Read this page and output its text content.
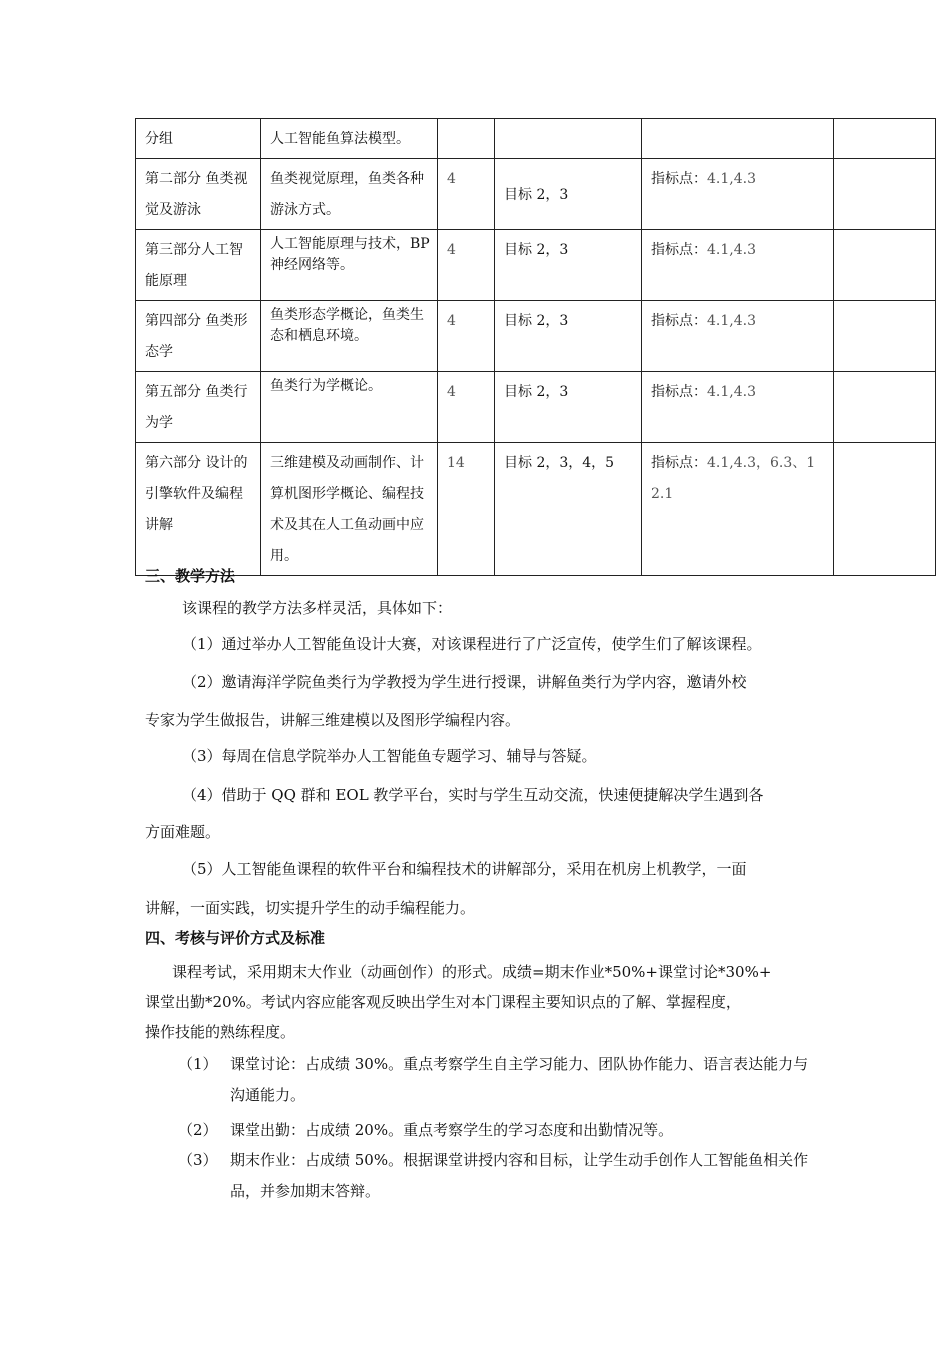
分组	人工智能鱼算法模型。				
第二部分 鱼类视觉及游泳	鱼类视觉原理，鱼类各种游泳方式。	4	目标 2，3	指标点：4.1,4.3	
第三部分人工智能原理	人工智能原理与技术，BP 神经网络等。	4	目标 2，3	指标点：4.1,4.3	
第四部分 鱼类形态学	鱼类形态学概论，鱼类生态和栖息环境。	4	目标 2，3	指标点：4.1,4.3	
第五部分 鱼类行为学	鱼类行为学概论。	4	目标 2，3	指标点：4.1,4.3	
第六部分 设计的引擎软件及编程讲解	三维建模及动画制作、计算机图形学概论、编程技术及其在人工鱼动画中应用。	14	目标 2，3，4，5	指标点：4.1,4.3，6.3、12.1	
三、教学方法
该课程的教学方法多样灵活，具体如下：
（1）通过举办人工智能鱼设计大赛，对该课程进行了广泛宣传，使学生们了解该课程。
（2）邀请海洋学院鱼类行为学教授为学生进行授课，讲解鱼类行为学内容，邀请外校
专家为学生做报告，讲解三维建模以及图形学编程内容。
（3）每周在信息学院举办人工智能鱼专题学习、辅导与答疑。
（4）借助于 QQ 群和 EOL 教学平台，实时与学生互动交流，快速便捷解决学生遇到各
方面难题。
（5）人工智能鱼课程的软件平台和编程技术的讲解部分，采用在机房上机教学，一面
讲解，一面实践，切实提升学生的动手编程能力。
四、考核与评价方式及标准
课程考试，采用期末大作业（动画创作）的形式。成绩=期末作业*50%+课堂讨论*30%+
课堂出勤*20%。考试内容应能客观反映出学生对本门课程主要知识点的了解、掌握程度，
操作技能的熟练程度。
（1） 课堂讨论：占成绩 30%。重点考察学生自主学习能力、团队协作能力、语言表达能力与沟通能力。
（2） 课堂出勤：占成绩 20%。重点考察学生的学习态度和出勤情况等。
（3） 期末作业：占成绩 50%。根据课堂讲授内容和目标，让学生动手创作人工智能鱼相关作品，并参加期末答辩。
